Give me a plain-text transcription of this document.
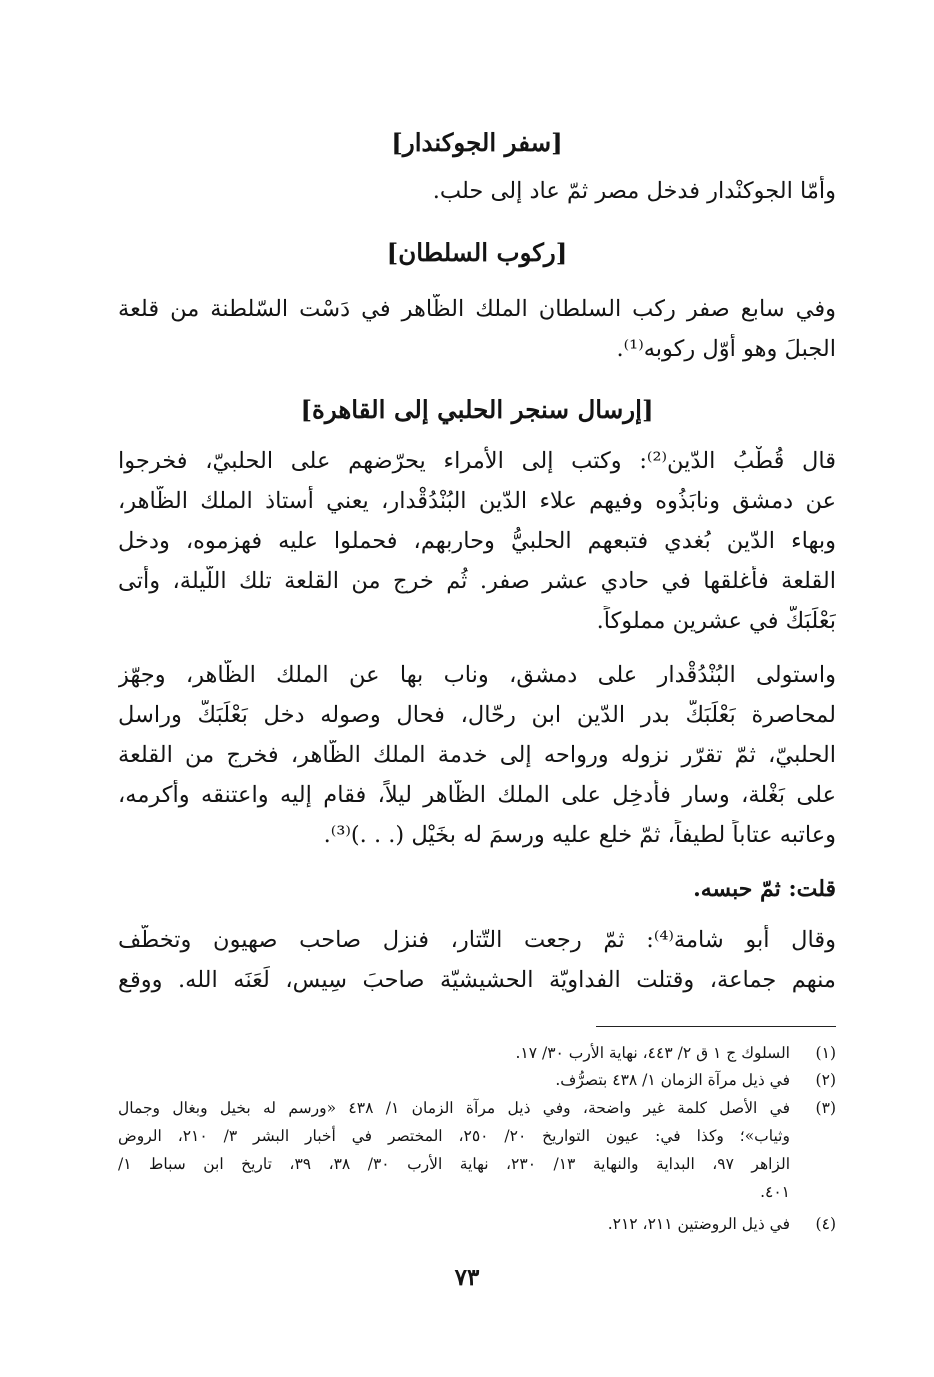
[سفر الجوكندار]
وأمّا الجوكنْدار فدخل مصر ثمّ عاد إلى حلب.
[ركوب السلطان]
وفي سابع صفر ركب السلطان الملك الظّاهر في دَسْت السّلطنة من قلعة
الجبلَ وهو أوّل ركوبه⁽¹⁾.
[إرسال سنجر الحلبي إلى القاهرة]
قال قُطْبُ الدّين⁽²⁾: وكتب إلى الأمراء يحرّضهم على الحلبيّ، فخرجوا
عن دمشق ونابَذُوه وفيهم علاء الدّين البُنْدُقْدار، يعني أستاذ الملك الظّاهر،
وبهاء الدّين بُغدي فتبعهم الحلبيُّ وحاربهم، فحملوا عليه فهزموه، ودخل
القلعة فأغلقها في حادي عشر صفر. ثُم خرج من القلعة تلك اللّيلة، وأتى
بَعْلَبَكّ في عشرين مملوكاً.
واستولى البُنْدُقْدار على دمشق، وناب بها عن الملك الظّاهر، وجهّز
لمحاصرة بَعْلَبَكّ بدر الدّين ابن رحّال، فحال وصوله دخل بَعْلَبَكّ وراسل
الحلبيّ، ثمّ تقرّر نزوله ورواحه إلى خدمة الملك الظّاهر، فخرج من القلعة
على بَغْلة، وسار فأُدخِل على الملك الظّاهر ليلاً، فقام إليه واعتنقه وأكرمه،
وعاتبه عتاباً لطيفاً، ثمّ خلع عليه ورسمَ له بخَيْل (. . .)⁽³⁾.
قلت: ثمّ حبسه.
وقال أبو شامة⁽⁴⁾: ثمّ رجعت التّتار، فنزل صاحب صهيون وتخطّف
منهم جماعة، وقتلت الفداويّة الحشيشيّة صاحبَ سِيس، لَعَنَه الله. ووقع
(١)
السلوك ج ١ ق ٢/ ٤٤٣، نهاية الأرب ٣٠/ ١٧.
(٢)
في ذيل مرآة الزمان ١/ ٤٣٨ بتصرُّف.
(٣)
في الأصل كلمة غير واضحة، وفي ذيل مرآة الزمان ١/ ٤٣٨ «ورسم له بخيل وبغال وجمال
وثياب»؛ وكذا في: عيون التواريخ ٢٠/ ٢٥٠، المختصر في أخبار البشر ٣/ ٢١٠، الروض
الزاهر ٩٧، البداية والنهاية ١٣/ ٢٣٠، نهاية الأرب ٣٠/ ٣٨، ٣٩، تاريخ ابن سباط ١/
٤٠١.
(٤)
في ذيل الروضتين ٢١١، ٢١٢.
٧٣
